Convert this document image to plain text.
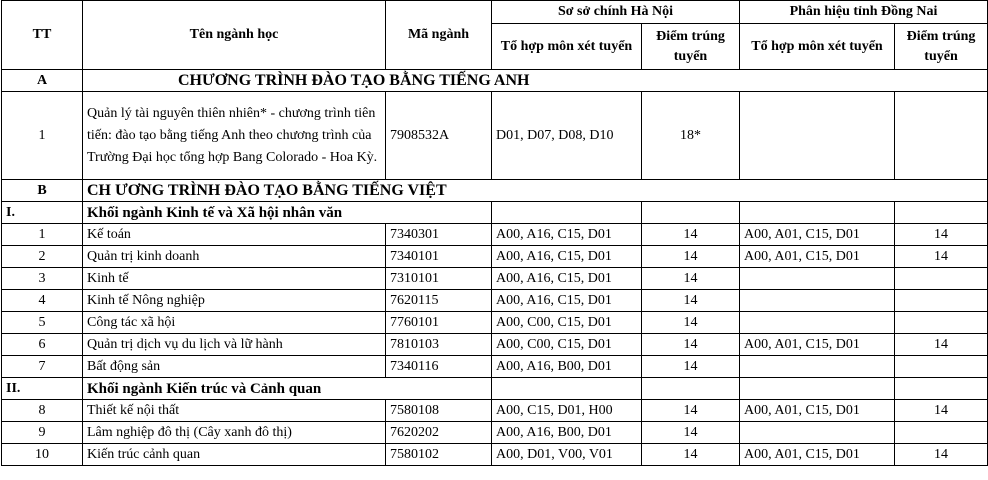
TT	Tên ngành học	Mã ngành	Sơ sở chính Hà Nội		Phân hiệu tỉnh Đồng Nai	
			Tổ hợp môn xét tuyển	Điểm trúng tuyển	Tổ hợp môn xét tuyển	Điểm trúng tuyển
A	CHƯƠNG TRÌNH ĐÀO TẠO BẰNG TIẾNG ANH					
1	Quản lý tài nguyên thiên nhiên* - chương trình tiên tiến: đào tạo bằng tiếng Anh theo chương trình của Trường Đại học tổng hợp Bang Colorado - Hoa Kỳ.	7908532A	D01, D07, D08, D10	18*		
B	CH ƯƠNG TRÌNH ĐÀO TẠO BẰNG TIẾNG VIỆT					
I.	Khối ngành Kinh tế và Xã hội nhân văn					
1	Kế toán	7340301	A00, A16, C15, D01	14	A00, A01, C15, D01	14
2	Quản trị kinh doanh	7340101	A00, A16, C15, D01	14	A00, A01, C15, D01	14
3	Kinh tế	7310101	A00, A16, C15, D01	14		
4	Kinh tế Nông nghiệp	7620115	A00, A16, C15, D01	14		
5	Công tác xã hội	7760101	A00, C00, C15, D01	14		
6	Quản trị dịch vụ du lịch và lữ hành	7810103	A00, C00, C15, D01	14	A00, A01, C15, D01	14
7	Bất động sản	7340116	A00, A16, B00, D01	14		
II.	Khối ngành Kiến trúc và Cảnh quan					
8	Thiết kế nội thất	7580108	A00, C15, D01, H00	14	A00, A01, C15, D01	14
9	Lâm nghiệp đô thị (Cây xanh đô thị)	7620202	A00, A16, B00, D01	14		
10	Kiến trúc cảnh quan	7580102	A00, D01, V00, V01	14	A00, A01, C15, D01	14
